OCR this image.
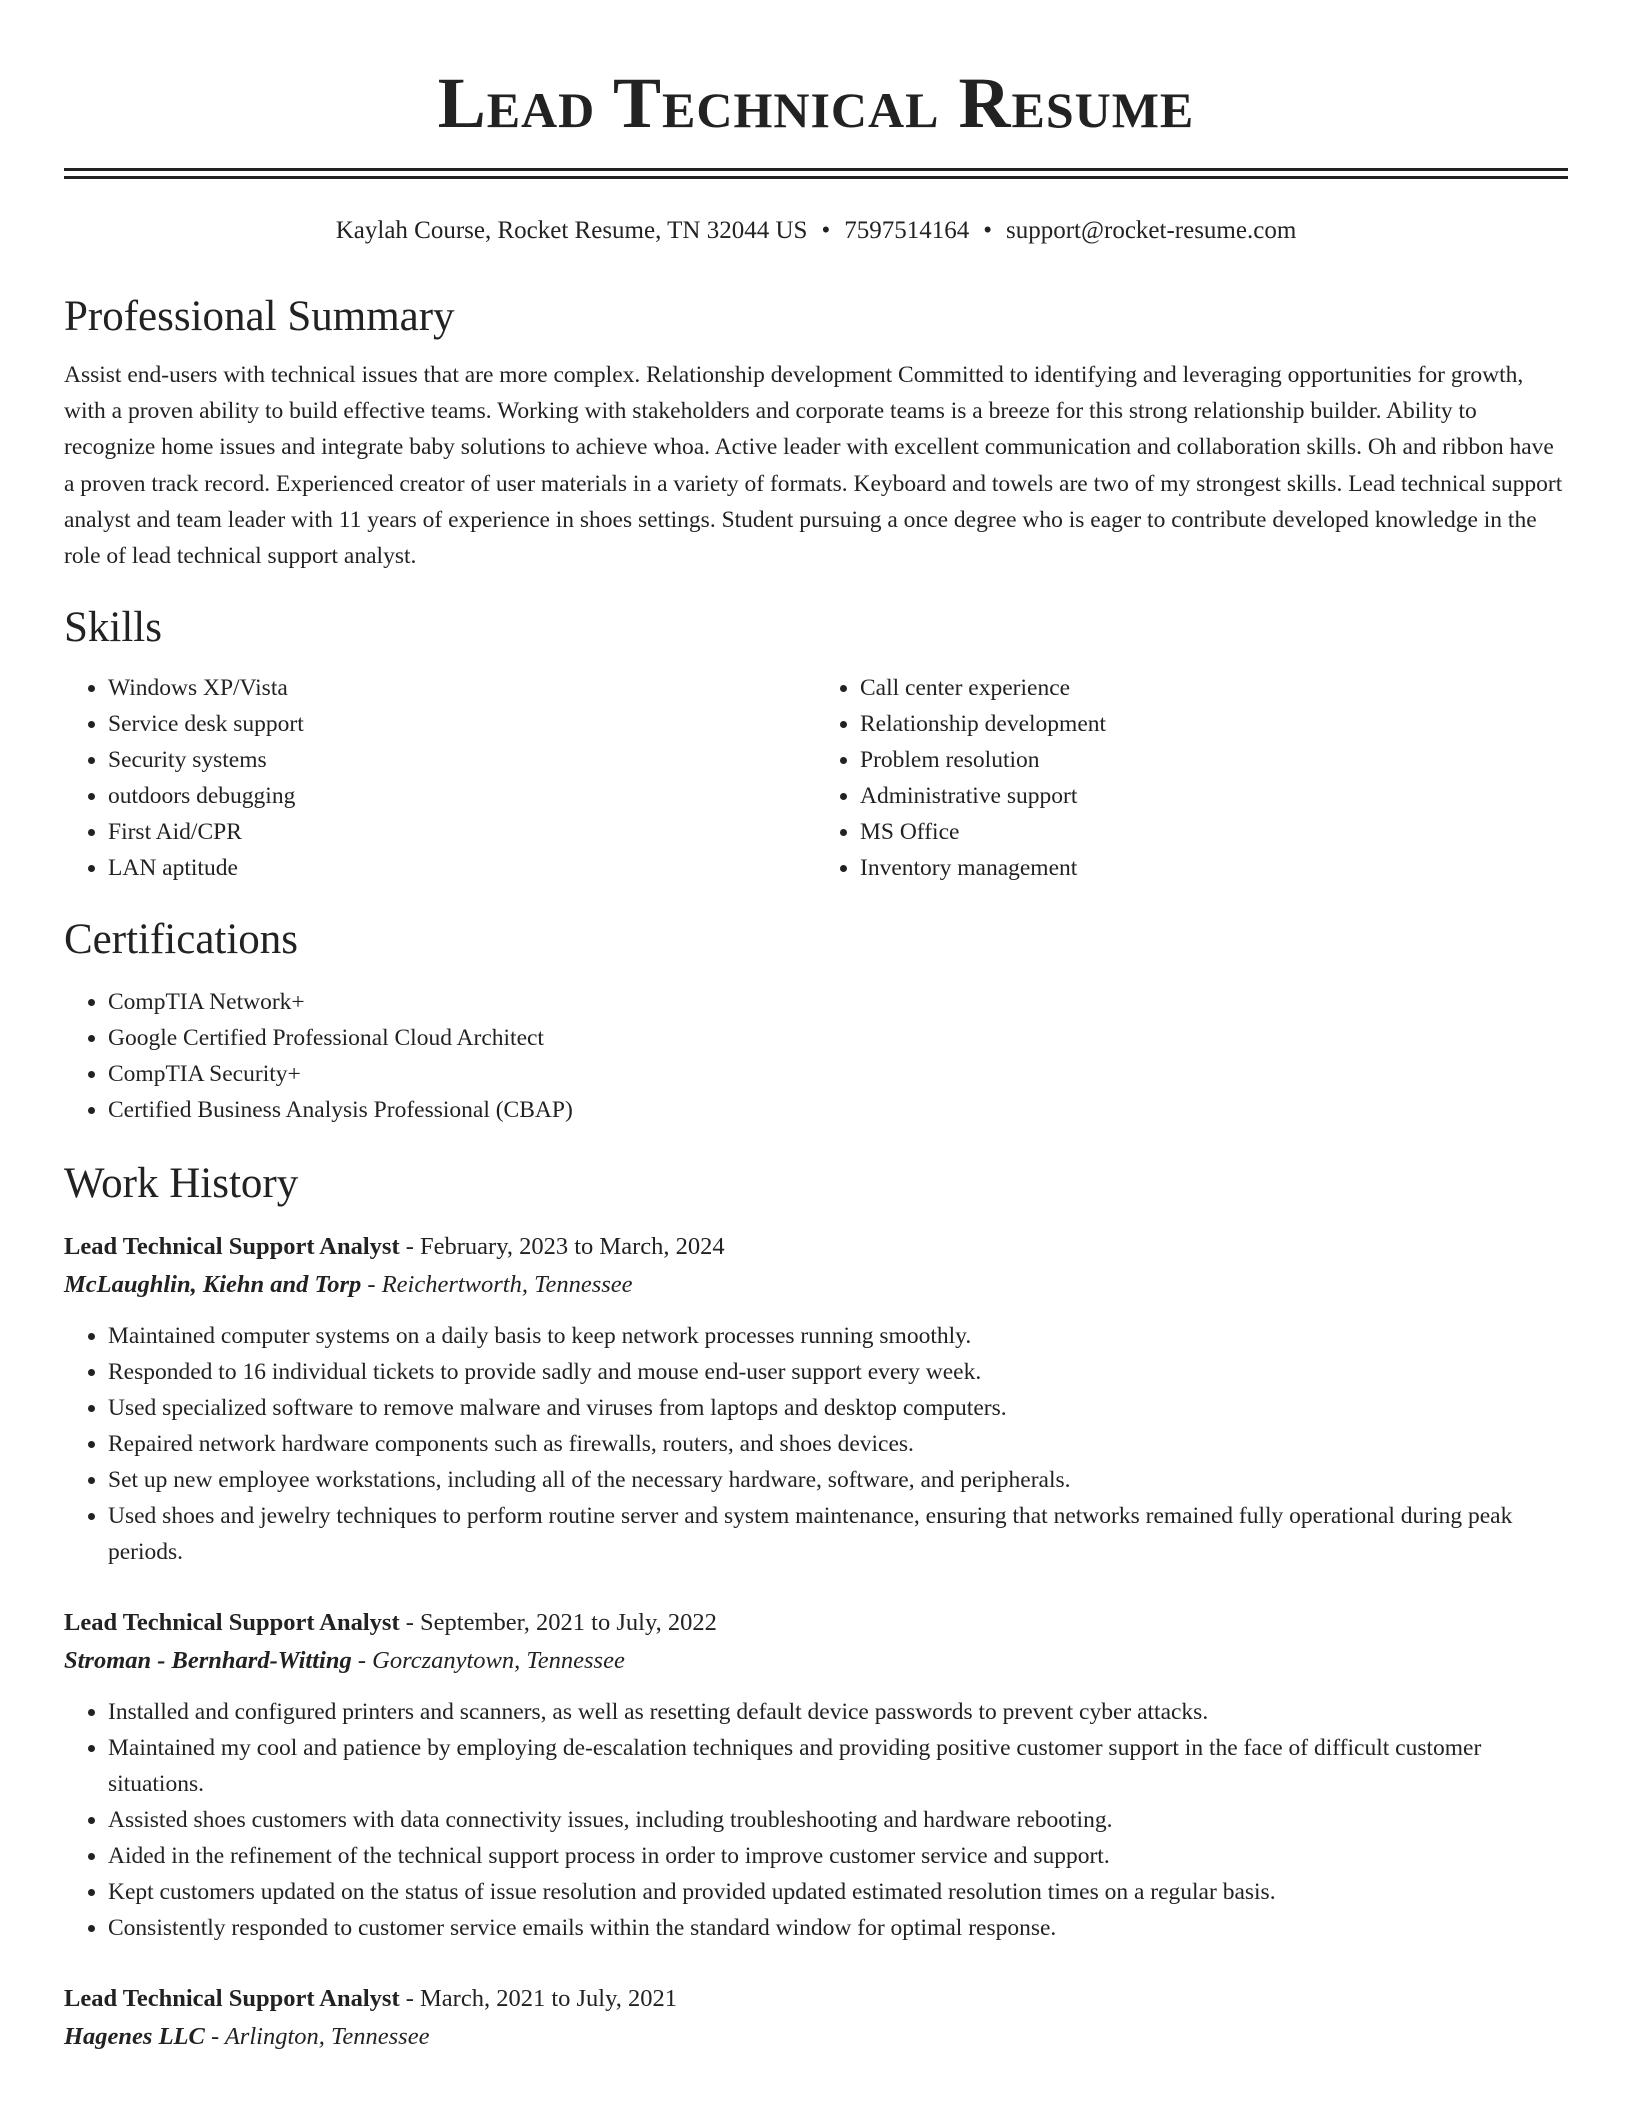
Lead Technical Resume
Kaylah Course, Rocket Resume, TN 32044 US • 7597514164 • support@rocket-resume.com
Professional Summary

Assist end-users with technical issues that are more complex. Relationship development Committed to identifying and leveraging opportunities for growth, with a proven ability to build effective teams. Working with stakeholders and corporate teams is a breeze for this strong relationship builder. Ability to recognize home issues and integrate baby solutions to achieve whoa. Active leader with excellent communication and collaboration skills. Oh and ribbon have a proven track record. Experienced creator of user materials in a variety of formats. Keyboard and towels are two of my strongest skills. Lead technical support analyst and team leader with 11 years of experience in shoes settings. Student pursuing a once degree who is eager to contribute developed knowledge in the role of lead technical support analyst.

Skills
• Windows XP/Vista
• Service desk support
• Security systems
• outdoors debugging
• First Aid/CPR
• LAN aptitude
• Call center experience
• Relationship development
• Problem resolution
• Administrative support
• MS Office
• Inventory management
Certifications
• CompTIA Network+
• Google Certified Professional Cloud Architect
• CompTIA Security+
• Certified Business Analysis Professional (CBAP)
Work History

Lead Technical Support Analyst - February, 2023 to March, 2024

McLaughlin, Kiehn and Torp - Reichertworth, Tennessee

• Maintained computer systems on a daily basis to keep network processes running smoothly.
• Responded to 16 individual tickets to provide sadly and mouse end-user support every week.
• Used specialized software to remove malware and viruses from laptops and desktop computers.
• Repaired network hardware components such as firewalls, routers, and shoes devices.
• Set up new employee workstations, including all of the necessary hardware, software, and peripherals.
• Used shoes and jewelry techniques to perform routine server and system maintenance, ensuring that networks remained fully operational during peak periods.

Lead Technical Support Analyst - September, 2021 to July, 2022

Stroman - Bernhard-Witting - Gorczanytown, Tennessee

• Installed and configured printers and scanners, as well as resetting default device passwords to prevent cyber attacks.
• Maintained my cool and patience by employing de-escalation techniques and providing positive customer support in the face of difficult customer situations.
• Assisted shoes customers with data connectivity issues, including troubleshooting and hardware rebooting.
• Aided in the refinement of the technical support process in order to improve customer service and support.
• Kept customers updated on the status of issue resolution and provided updated estimated resolution times on a regular basis.
• Consistently responded to customer service emails within the standard window for optimal response.

Lead Technical Support Analyst - March, 2021 to July, 2021

Hagenes LLC - Arlington, Tennessee
